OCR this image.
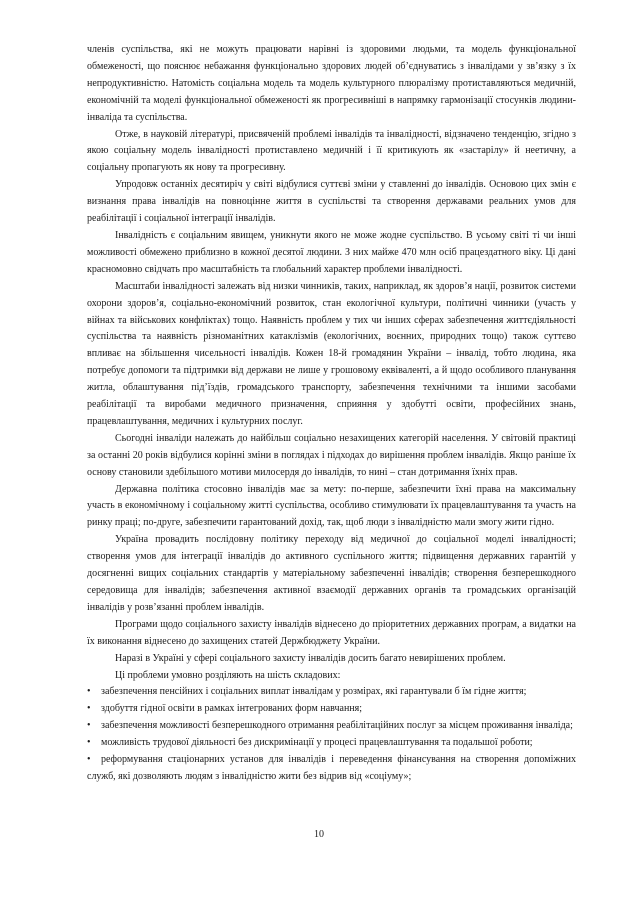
членів суспільства, які не можуть працювати нарівні із здоровими людьми, та модель функціональної обмеженості, що пояснює небажання функціонально здорових людей об’єднуватись з інвалідами у зв’язку з їх непродуктивністю. Натомість соціальна модель та модель культурного плюралізму протиставляються медичній, економічній та моделі функціональної обмеженості як прогресивніші в напрямку гармонізації стосунків людини-інваліда та суспільства.

Отже, в науковій літературі, присвяченій проблемі інвалідів та інвалідності, відзначено тенденцію, згідно з якою соціальну модель інвалідності протиставлено медичній і її критикують як «застарілу» й неетичну, а соціальну пропагують як нову та прогресивну.

Упродовж останніх десятиріч у світі відбулися суттєві зміни у ставленні до інвалідів. Основою цих змін є визнання права інвалідів на повноцінне життя в суспільстві та створення державами реальних умов для реабілітації і соціальної інтеграції інвалідів.

Інвалідність є соціальним явищем, уникнути якого не може жодне суспільство. В усьому світі ті чи інші можливості обмежено приблизно в кожної десятої людини. З них майже 470 млн осіб працездатного віку. Ці дані красномовно свідчать про масштабність та глобальний характер проблеми інвалідності.

Масштаби інвалідності залежать від низки чинників, таких, наприклад, як здоров’я нації, розвиток системи охорони здоров’я, соціально-економічний розвиток, стан екологічної культури, політичні чинники (участь у війнах та військових конфліктах) тощо. Наявність проблем у тих чи інших сферах забезпечення життєдіяльності суспільства та наявність різноманітних катаклізмів (екологічних, воєнних, природних тощо) також суттєво впливає на збільшення чисельності інвалідів. Кожен 18-й громадянин України – інвалід, тобто людина, яка потребує допомоги та підтримки від держави не лише у грошовому еквіваленті, а й щодо особливого планування житла, облаштування під’їздів, громадського транспорту, забезпечення технічними та іншими засобами реабілітації та виробами медичного призначення, сприяння у здобутті освіти, професійних знань, працевлаштування, медичних і культурних послуг.

Сьогодні інваліди належать до найбільш соціально незахищених категорій населення. У світовій практиці за останні 20 років відбулися корінні зміни в поглядах і підходах до вирішення проблем інвалідів. Якщо раніше їх основу становили здебільшого мотиви милосердя до інвалідів, то нині – стан дотримання їхніх прав.

Державна політика стосовно інвалідів має за мету: по-перше, забезпечити їхні права на максимальну участь в економічному і соціальному житті суспільства, особливо стимулювати їх працевлаштування та участь на ринку праці; по-друге, забезпечити гарантований дохід, так, щоб люди з інвалідністю мали змогу жити гідно.

Україна провадить послідовну політику переходу від медичної до соціальної моделі інвалідності; створення умов для інтеграції інвалідів до активного суспільного життя; підвищення державних гарантій у досягненні вищих соціальних стандартів у матеріальному забезпеченні інвалідів; створення безперешкодного середовища для інвалідів; забезпечення активної взаємодії державних органів та громадських організацій інвалідів у розв’язанні проблем інвалідів.

Програми щодо соціального захисту інвалідів віднесено до пріоритетних державних програм, а видатки на їх виконання віднесено до захищених статей Держбюджету України.

Наразі в Україні у сфері соціального захисту інвалідів досить багато невирішених проблем.

Ці проблеми умовно розділяють на шість складових:

• забезпечення пенсійних і соціальних виплат інвалідам у розмірах, які гарантували б їм гідне життя;
• здобуття гідної освіти в рамках інтегрованих форм навчання;
• забезпечення можливості безперешкодного отримання реабілітаційних послуг за місцем проживання інваліда;
• можливість трудової діяльності без дискримінації у процесі працевлаштування та подальшої роботи;
• реформування стаціонарних установ для інвалідів і переведення фінансування на створення допоміжних служб, які дозволяють людям з інвалідністю жити без відрив від «соціуму»;
10
